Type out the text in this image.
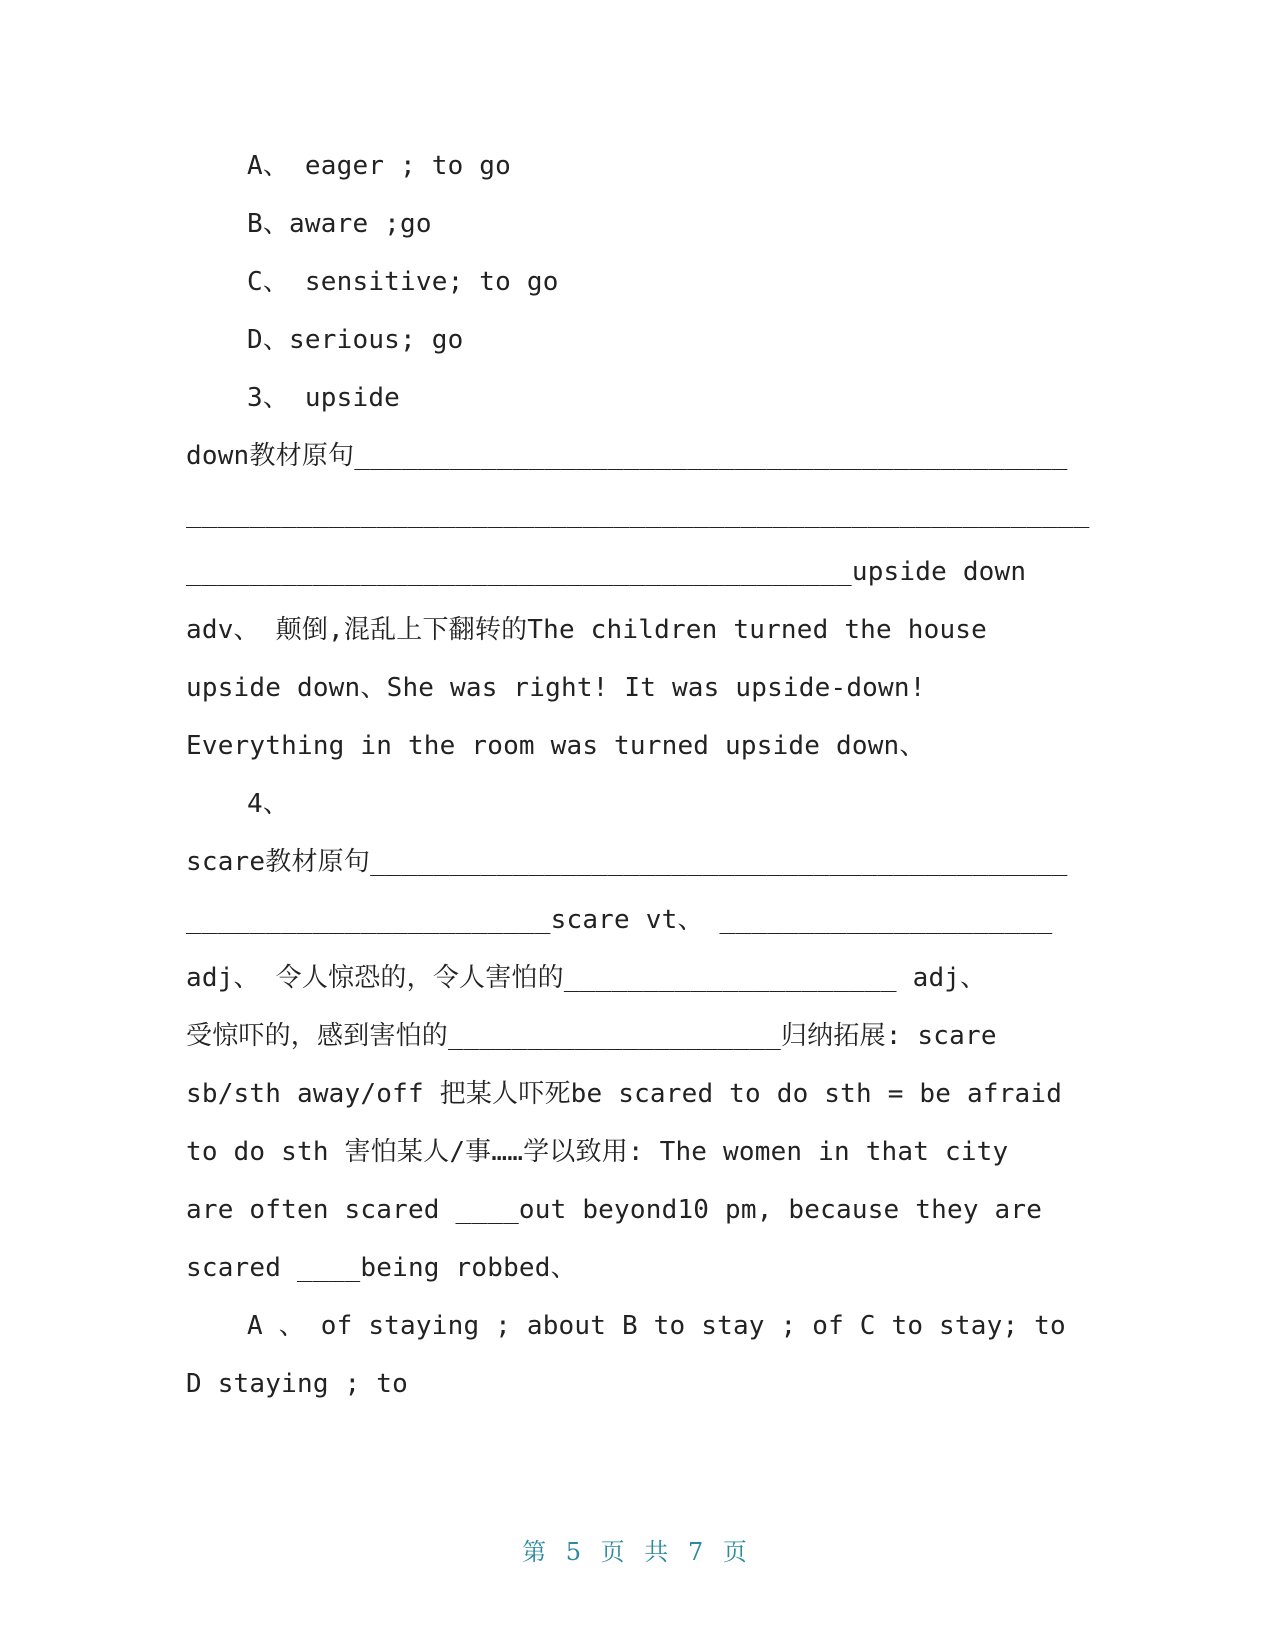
A、 eager ; to go
B、aware ;go
C、 sensitive; to go
D、serious; go
3、 upside
down教材原句_____________________________________________
_________________________________________________________
__________________________________________upside down
adv、 颠倒,混乱上下翻转的The children turned the house
upside down、She was right! It was upside-down!
Everything in the room was turned upside down、
4、
scare教材原句____________________________________________
_______________________scare vt、 _____________________
adj、 令人惊恐的，令人害怕的_____________________ adj、
受惊吓的，感到害怕的_____________________归纳拓展: scare
sb/sth away/off 把某人吓死be scared to do sth = be afraid
to do sth 害怕某人/事……学以致用: The women in that city
are often scared ____out beyond10 pm, because they are
scared ____being robbed、
A 、 of staying ; about B to stay ; of C to stay; to
D staying ; to
第 5 页 共 7 页
